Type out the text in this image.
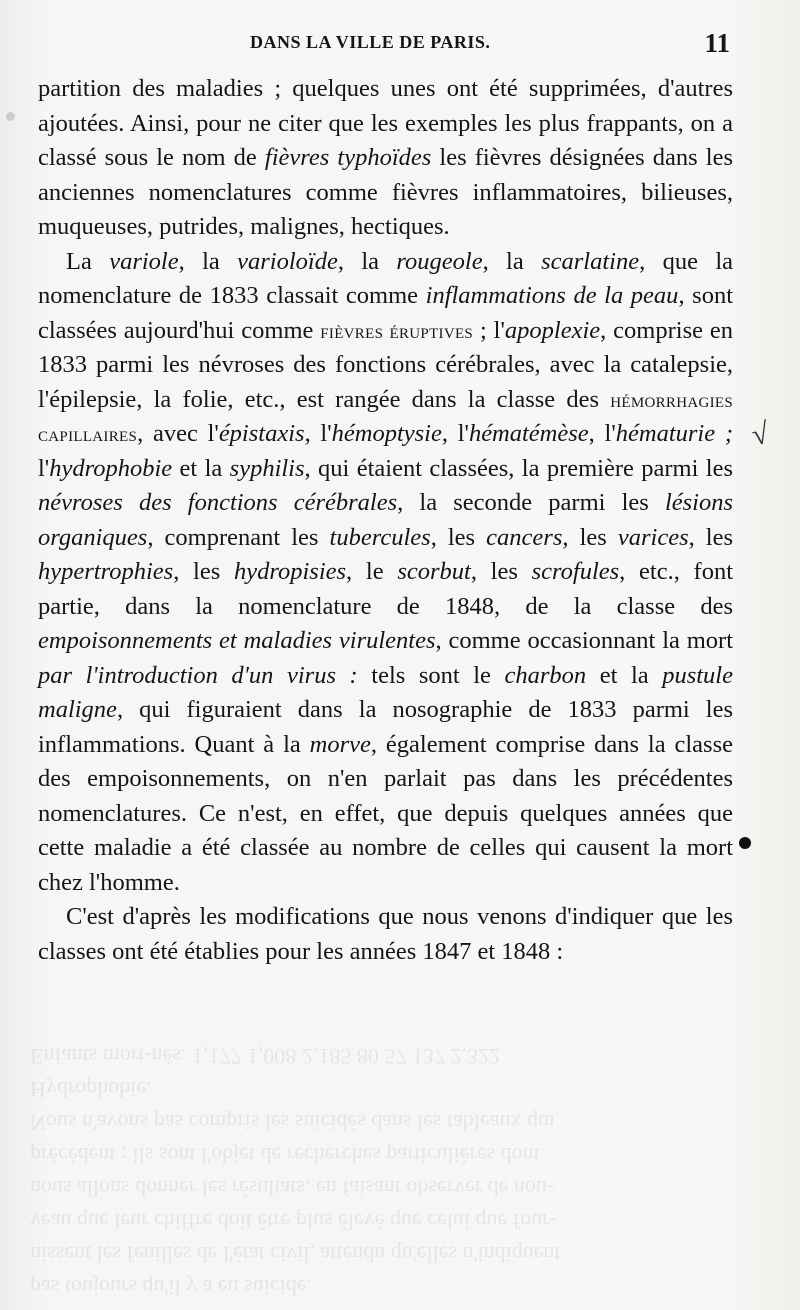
DANS LA VILLE DE PARIS.	11

partition des maladies ; quelques unes ont été supprimées, d'autres ajoutées. Ainsi, pour ne citer que les exemples les plus frappants, on a classé sous le nom de fièvres typhoïdes les fièvres désignées dans les anciennes nomenclatures comme fièvres inflammatoires, bilieuses, muqueuses, putrides, malignes, hectiques.

La variole, la varioloïde, la rougeole, la scarlatine, que la nomenclature de 1833 classait comme inflammations de la peau, sont classées aujourd'hui comme fièvres éruptives ; l'apoplexie, comprise en 1833 parmi les névroses des fonctions cérébrales, avec la catalepsie, l'épilepsie, la folie, etc., est rangée dans la classe des hémorrhagies capillaires, avec l'épistaxis, l'hémoptysie, l'hématémèse, l'hématurie ; l'hydrophobie et la syphilis, qui étaient classées, la première parmi les névroses des fonctions cérébrales, la seconde parmi les lésions organiques, comprenant les tubercules, les cancers, les varices, les hypertrophies, les hydropisies, le scorbut, les scrofules, etc., font partie, dans la nomenclature de 1848, de la classe des empoisonnements et maladies virulentes, comme occasionnant la mort par l'introduction d'un virus : tels sont le charbon et la pustule maligne, qui figuraient dans la nosographie de 1833 parmi les inflammations. Quant à la morve, également comprise dans la classe des empoisonnements, on n'en parlait pas dans les précédentes nomenclatures. Ce n'est, en effet, que depuis quelques années que cette maladie a été classée au nombre de celles qui causent la mort chez l'homme.

C'est d'après les modifications que nous venons d'indiquer que les classes ont été établies pour les années 1847 et 1848 :

pas toujours qu'il y a eu suicide.
nissent les feuilles de l'état civil, attendu qu'elles n'indiquent
veau que leur chiffre doit être plus élevé que celui que four-
nous allons donner les résultats, en faisant observer de nou-
précèdent ; ils sont l'objet de recherches particulières dont
Nous n'avons pas compris les suicidés dans les tableaux qui
Hydrophobie.
Enfants mort-nés. 1,177 1,008 2,185 80 57 137 2,322
√
